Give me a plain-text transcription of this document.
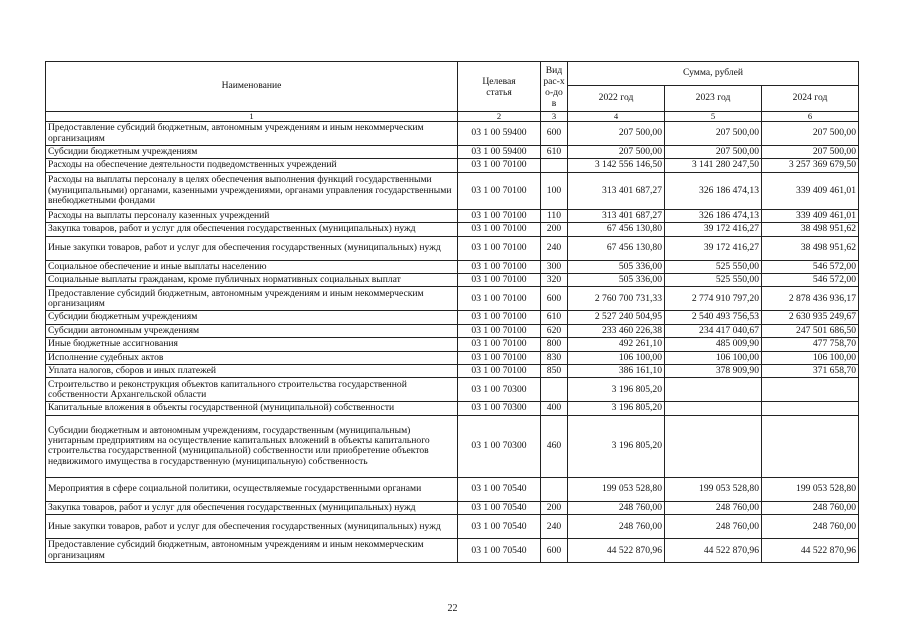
Наименование	Целевая статья	Вид рас-хо-дов	Сумма, рублей		
			2022 год	2023 год	2024 год
1	2	3	4	5	6
Предоставление субсидий бюджетным, автономным учреждениям и иным некоммерческим организациям	03 1 00 59400	600	207 500,00	207 500,00	207 500,00
Субсидии бюджетным учреждениям	03 1 00 59400	610	207 500,00	207 500,00	207 500,00
Расходы на обеспечение деятельности подведомственных учреждений	03 1 00 70100		3 142 556 146,50	3 141 280 247,50	3 257 369 679,50
Расходы на выплаты персоналу в целях обеспечения выполнения функций государственными (муниципальными) органами, казенными учреждениями, органами управления государственными внебюджетными фондами	03 1 00 70100	100	313 401 687,27	326 186 474,13	339 409 461,01
Расходы на выплаты персоналу казенных учреждений	03 1 00 70100	110	313 401 687,27	326 186 474,13	339 409 461,01
Закупка товаров, работ и услуг для обеспечения государственных (муниципальных) нужд	03 1 00 70100	200	67 456 130,80	39 172 416,27	38 498 951,62
Иные закупки товаров, работ и услуг для обеспечения государственных (муниципальных) нужд	03 1 00 70100	240	67 456 130,80	39 172 416,27	38 498 951,62
Социальное обеспечение и иные выплаты населению	03 1 00 70100	300	505 336,00	525 550,00	546 572,00
Социальные выплаты гражданам, кроме публичных нормативных социальных выплат	03 1 00 70100	320	505 336,00	525 550,00	546 572,00
Предоставление субсидий бюджетным, автономным учреждениям и иным некоммерческим организациям	03 1 00 70100	600	2 760 700 731,33	2 774 910 797,20	2 878 436 936,17
Субсидии бюджетным учреждениям	03 1 00 70100	610	2 527 240 504,95	2 540 493 756,53	2 630 935 249,67
Субсидии автономным учреждениям	03 1 00 70100	620	233 460 226,38	234 417 040,67	247 501 686,50
Иные бюджетные ассигнования	03 1 00 70100	800	492 261,10	485 009,90	477 758,70
Исполнение судебных актов	03 1 00 70100	830	106 100,00	106 100,00	106 100,00
Уплата налогов, сборов и иных платежей	03 1 00 70100	850	386 161,10	378 909,90	371 658,70
Строительство и реконструкция объектов капитального строительства государственной собственности Архангельской области	03 1 00 70300		3 196 805,20		
Капитальные вложения в объекты государственной (муниципальной) собственности	03 1 00 70300	400	3 196 805,20		
Субсидии бюджетным и автономным учреждениям, государственным (муниципальным) унитарным предприятиям на осуществление капитальных вложений в объекты капитального строительства государственной (муниципальной) собственности или приобретение объектов недвижимого имущества в государственную (муниципальную) собственность	03 1 00 70300	460	3 196 805,20		
Мероприятия в сфере социальной политики, осуществляемые государственными органами	03 1 00 70540		199 053 528,80	199 053 528,80	199 053 528,80
Закупка товаров, работ и услуг для обеспечения государственных (муниципальных) нужд	03 1 00 70540	200	248 760,00	248 760,00	248 760,00
Иные закупки товаров, работ и услуг для обеспечения государственных (муниципальных) нужд	03 1 00 70540	240	248 760,00	248 760,00	248 760,00
Предоставление субсидий бюджетным, автономным учреждениям и иным некоммерческим организациям	03 1 00 70540	600	44 522 870,96	44 522 870,96	44 522 870,96
22
